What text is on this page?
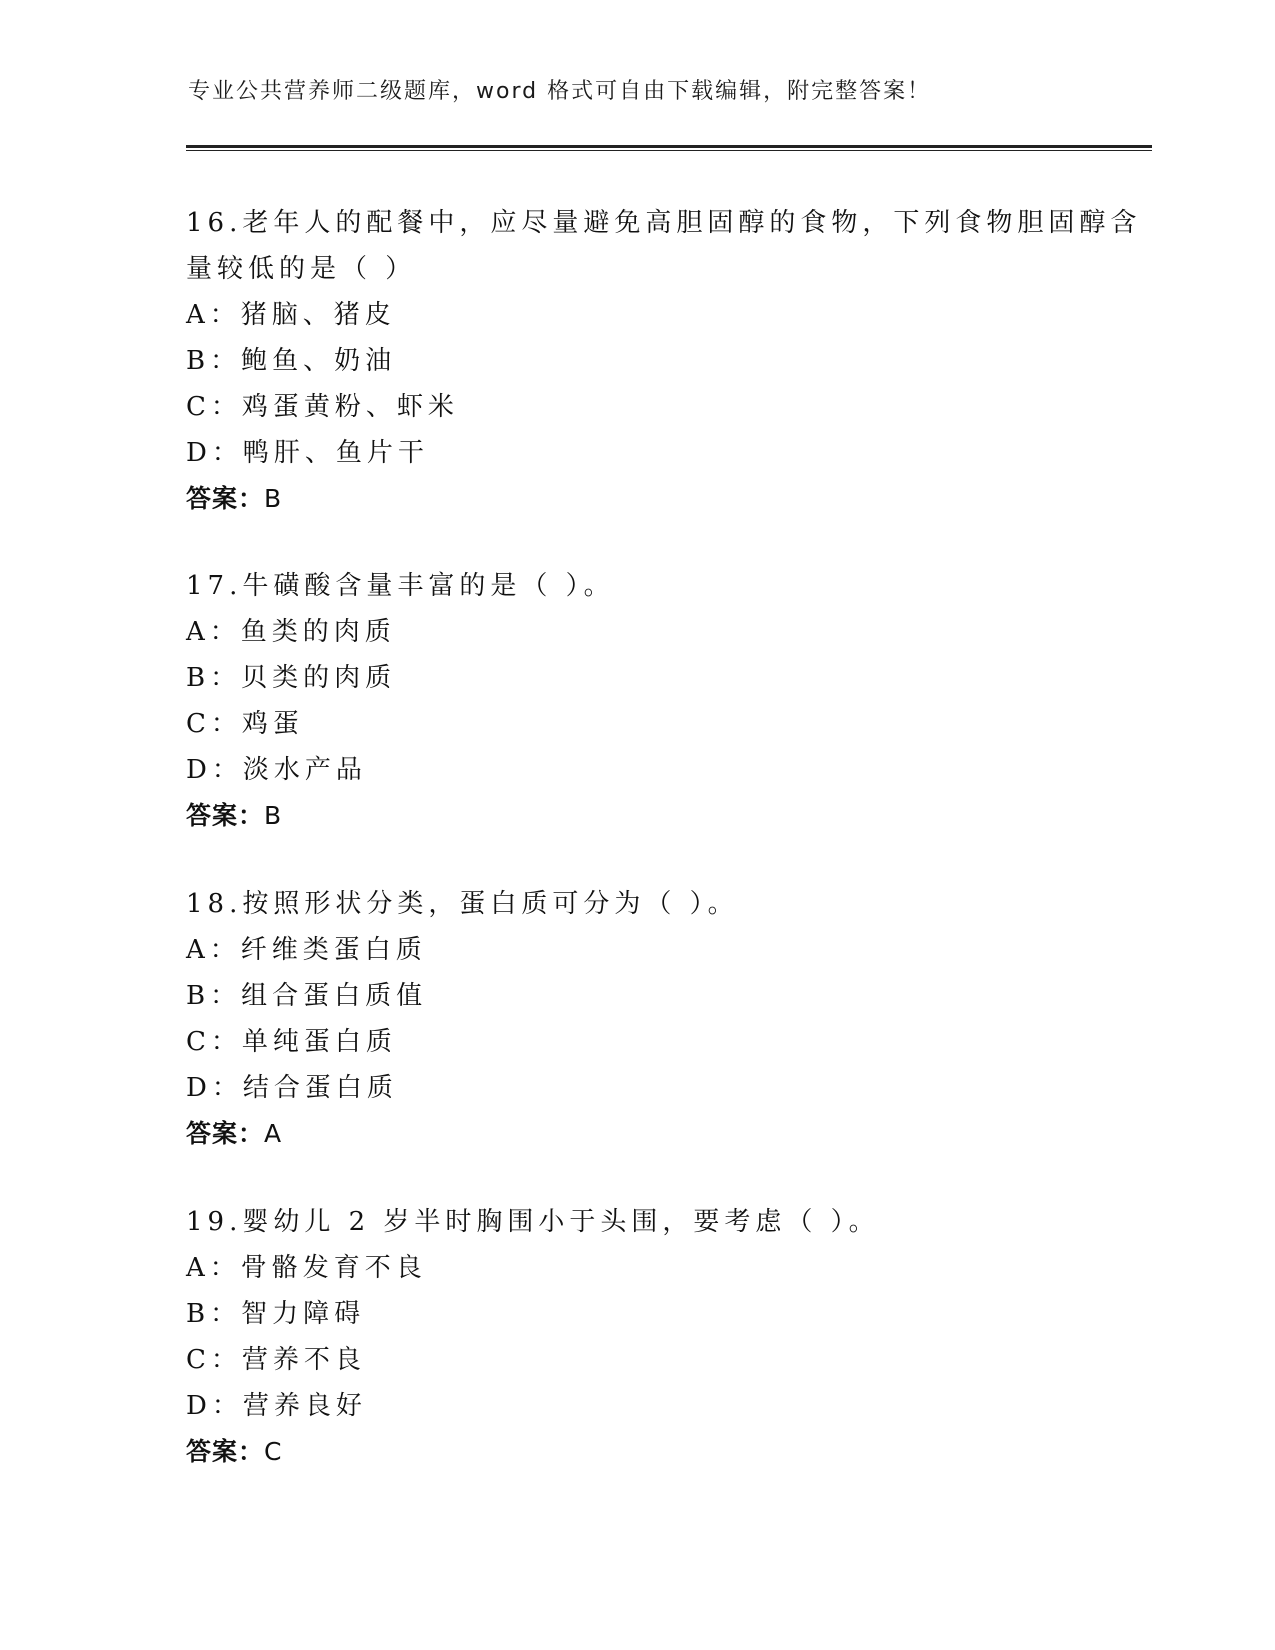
专业公共营养师二级题库，word 格式可自由下载编辑，附完整答案！
16.老年人的配餐中，应尽量避免高胆固醇的食物，下列食物胆固醇含
量较低的是（ ）
A：猪脑、猪皮
B：鲍鱼、奶油
C：鸡蛋黄粉、虾米
D：鸭肝、鱼片干
答案：B
17.牛磺酸含量丰富的是（ ）。
A：鱼类的肉质
B：贝类的肉质
C：鸡蛋
D：淡水产品
答案：B
18.按照形状分类，蛋白质可分为（ ）。
A：纤维类蛋白质
B：组合蛋白质值
C：单纯蛋白质
D：结合蛋白质
答案：A
19.婴幼儿 2 岁半时胸围小于头围，要考虑（ ）。
A：骨骼发育不良
B：智力障碍
C：营养不良
D：营养良好
答案：C
